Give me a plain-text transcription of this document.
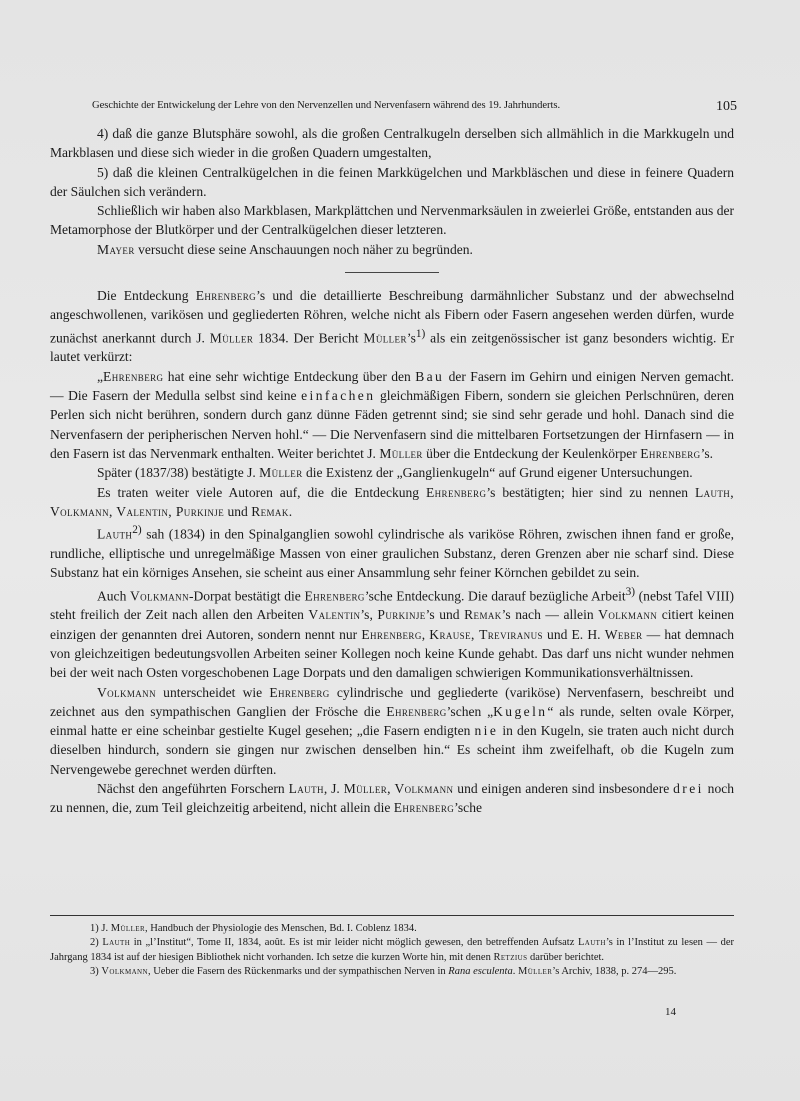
Geschichte der Entwickelung der Lehre von den Nervenzellen und Nervenfasern während des 19. Jahrhunderts.	105

4) daß die ganze Blutsphäre sowohl, als die großen Centralkugeln derselben sich allmählich in die Markkugeln und Markblasen und diese sich wieder in die großen Quadern umgestalten,

5) daß die kleinen Centralkügelchen in die feinen Markkügelchen und Markbläschen und diese in feinere Quadern der Säulchen sich verändern.

Schließlich wir haben also Markblasen, Markplättchen und Nervenmarksäulen in zweierlei Größe, entstanden aus der Metamorphose der Blutkörper und der Centralkügelchen dieser letzteren.

Mayer versucht diese seine Anschauungen noch näher zu begründen.

Die Entdeckung Ehrenberg’s und die detaillierte Beschreibung darmähnlicher Substanz und der abwechselnd angeschwollenen, varikösen und gegliederten Röhren, welche nicht als Fibern oder Fasern angesehen werden dürfen, wurde zunächst anerkannt durch J. Müller 1834. Der Bericht $Müller’s^{1)}$ als ein zeitgenössischer ist ganz besonders wichtig. Er lautet verkürzt:

„Ehrenberg hat eine sehr wichtige Entdeckung über den Bau der Fasern im Gehirn und einigen Nerven gemacht. — Die Fasern der Medulla selbst sind keine einfachen gleichmäßigen Fibern, sondern sie gleichen Perlschnüren, deren Perlen sich nicht berühren, sondern durch ganz dünne Fäden getrennt sind; sie sind sehr gerade und hohl. Danach sind die Nervenfasern der peripherischen Nerven hohl.“ — Die Nervenfasern sind die mittelbaren Fortsetzungen der Hirnfasern — in den Fasern ist das Nervenmark enthalten. Weiter berichtet J. Müller über die Entdeckung der Keulenkörper Ehrenberg’s.

Später (1837/38) bestätigte J. Müller die Existenz der „Ganglienkugeln“ auf Grund eigener Untersuchungen.

Es traten weiter viele Autoren auf, die die Entdeckung Ehrenberg’s bestätigten; hier sind zu nennen Lauth, Volkmann, Valentin, Purkinje und Remak.

Lauth$^{2)}$ sah (1834) in den Spinalganglien sowohl cylindrische als variköse Röhren, zwischen ihnen fand er große, rundliche, elliptische und unregelmäßige Massen von einer graulichen Substanz, deren Grenzen aber nie scharf sind. Diese Substanz hat ein körniges Ansehen, sie scheint aus einer Ansammlung sehr feiner Körnchen gebildet zu sein.

Auch Volkmann-Dorpat bestätigt die Ehrenberg’sche Entdeckung. Die darauf bezügliche Arbeit$^{3)}$ (nebst Tafel VIII) steht freilich der Zeit nach allen den Arbeiten Valentin’s, Purkinje’s und Remak’s nach — allein Volkmann citiert keinen einzigen der genannten drei Autoren, sondern nennt nur Ehrenberg, Krause, Treviranus und E. H. Weber — hat demnach von gleichzeitigen bedeutungsvollen Arbeiten seiner Kollegen noch keine Kunde gehabt. Das darf uns nicht wunder nehmen bei der weit nach Osten vorgeschobenen Lage Dorpats und den damaligen schwierigen Kommunikationsverhältnissen.

Volkmann unterscheidet wie Ehrenberg cylindrische und gegliederte (variköse) Nervenfasern, beschreibt und zeichnet aus den sympathischen Ganglien der Frösche die Ehrenberg’schen „Kugeln“ als runde, selten ovale Körper, einmal hatte er eine scheinbar gestielte Kugel gesehen; „die Fasern endigten nie in den Kugeln, sie traten auch nicht durch dieselben hindurch, sondern sie gingen nur zwischen denselben hin.“ Es scheint ihm zweifelhaft, ob die Kugeln zum Nervengewebe gerechnet werden dürften.

Nächst den angeführten Forschern Lauth, J. Müller, Volkmann und einigen anderen sind insbesondere drei noch zu nennen, die, zum Teil gleichzeitig arbeitend, nicht allein die Ehrenberg’sche

1) J. Müller, Handbuch der Physiologie des Menschen, Bd. I. Coblenz 1834.

2) Lauth in „l’Institut“, Tome II, 1834, août. Es ist mir leider nicht möglich gewesen, den betreffenden Aufsatz Lauth’s in l’Institut zu lesen — der Jahrgang 1834 ist auf der hiesigen Bibliothek nicht vorhanden. Ich setze die kurzen Worte hin, mit denen Retzius darüber berichtet.

3) Volkmann, Ueber die Fasern des Rückenmarks und der sympathischen Nerven in Rana esculenta. Müller’s Archiv, 1838, p. 274—295.

14
